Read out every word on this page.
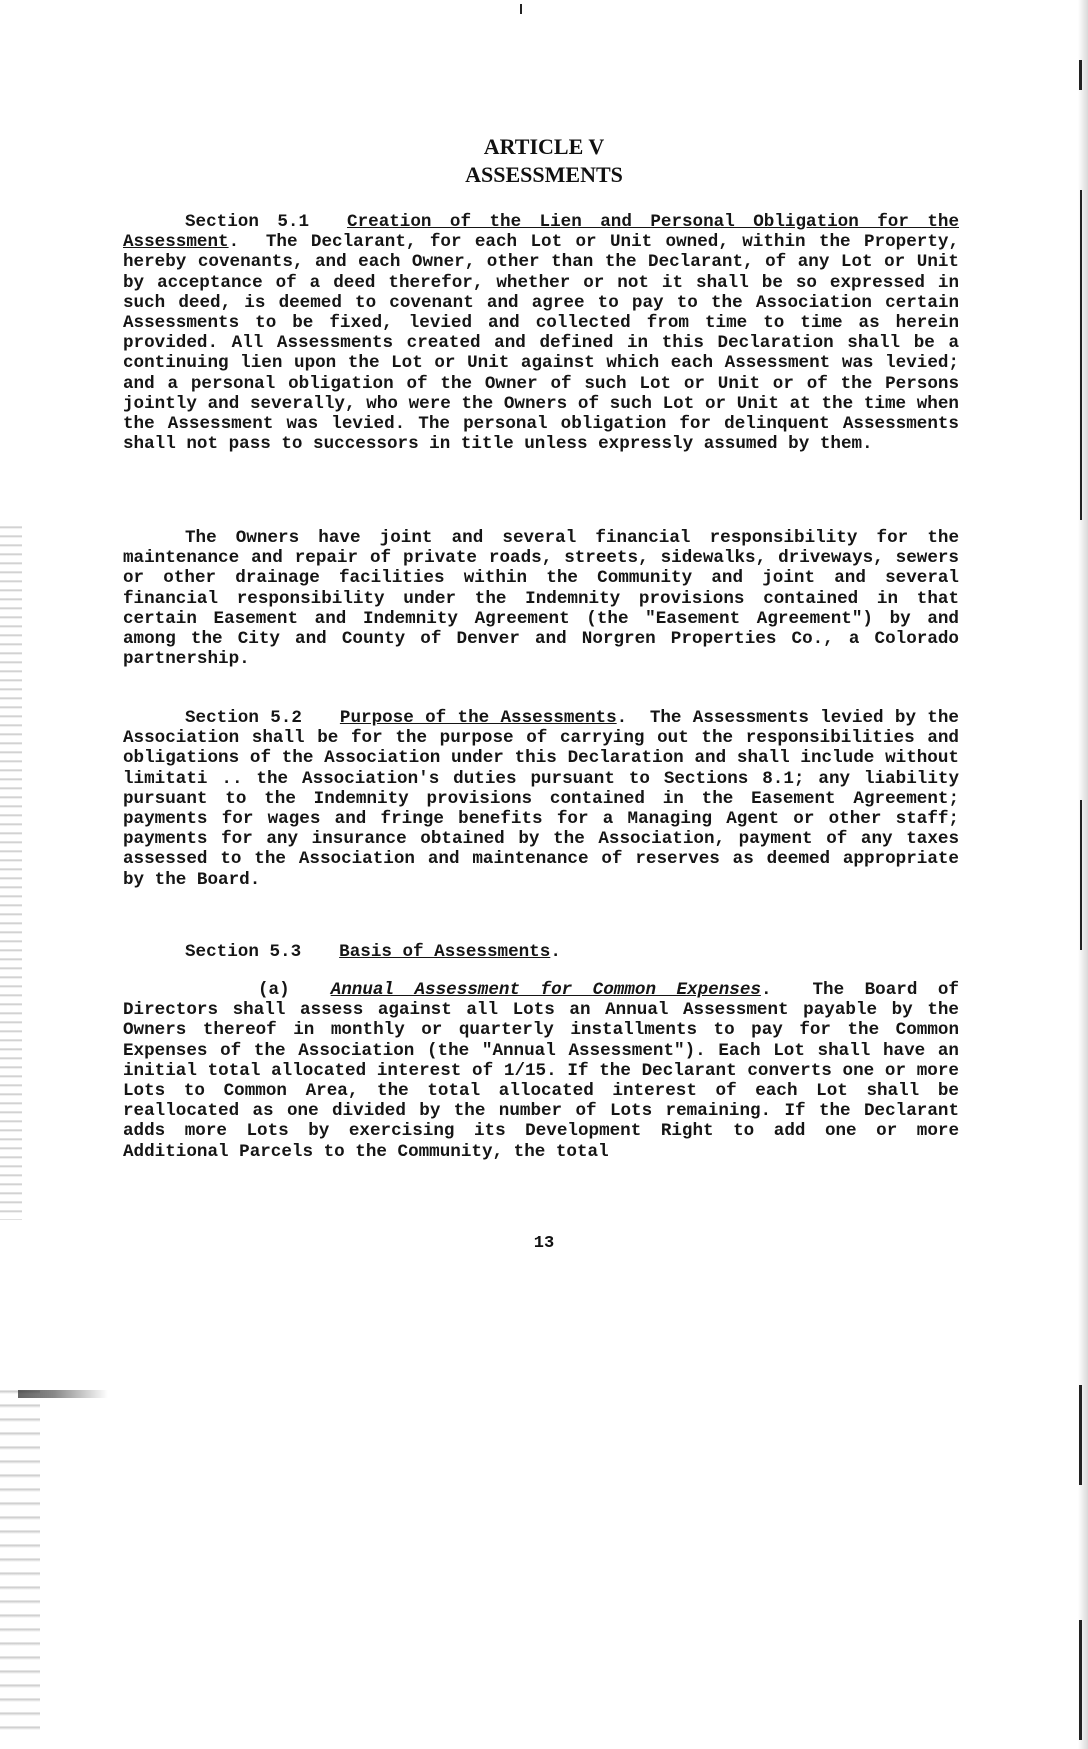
ARTICLE V
ASSESSMENTS
Section 5.1 Creation of the Lien and Personal Obligation for the Assessment.  The Declarant, for each Lot or Unit owned, within the Property, hereby covenants, and each Owner, other than the Declarant, of any Lot or Unit by acceptance of a deed therefor, whether or not it shall be so expressed in such deed, is deemed to covenant and agree to pay to the Association certain Assessments to be fixed, levied and collected from time to time as herein provided. All Assessments created and defined in this Declaration shall be a continuing lien upon the Lot or Unit against which each Assessment was levied; and a personal obligation of the Owner of such Lot or Unit or of the Persons jointly and severally, who were the Owners of such Lot or Unit at the time when the Assessment was levied. The personal obligation for delinquent Assessments shall not pass to successors in title unless expressly assumed by them.
The Owners have joint and several financial responsibility for the maintenance and repair of private roads, streets, sidewalks, driveways, sewers or other drainage facilities within the Community and joint and several financial responsibility under the Indemnity provisions contained in that certain Easement and Indemnity Agreement (the "Easement Agreement") by and among the City and County of Denver and Norgren Properties Co., a Colorado partnership.
Section 5.2 Purpose of the Assessments.  The Assessments levied by the Association shall be for the purpose of carrying out the responsibilities and obligations of the Association under this Declaration and shall include without limitati .. the Association's duties pursuant to Sections 8.1; any liability pursuant to the Indemnity provisions contained in the Easement Agreement; payments for wages and fringe benefits for a Managing Agent or other staff; payments for any insurance obtained by the Association, payment of any taxes assessed to the Association and maintenance of reserves as deemed appropriate by the Board.
Section 5.3 Basis of Assessments.
(a) Annual Assessment for Common Expenses.  The Board of Directors shall assess against all Lots an Annual Assessment payable by the Owners thereof in monthly or quarterly installments to pay for the Common Expenses of the Association (the "Annual Assessment"). Each Lot shall have an initial total allocated interest of 1/15. If the Declarant converts one or more Lots to Common Area, the total allocated interest of each Lot shall be reallocated as one divided by the number of Lots remaining. If the Declarant adds more Lots by exercising its Development Right to add one or more Additional Parcels to the Community, the total
13
